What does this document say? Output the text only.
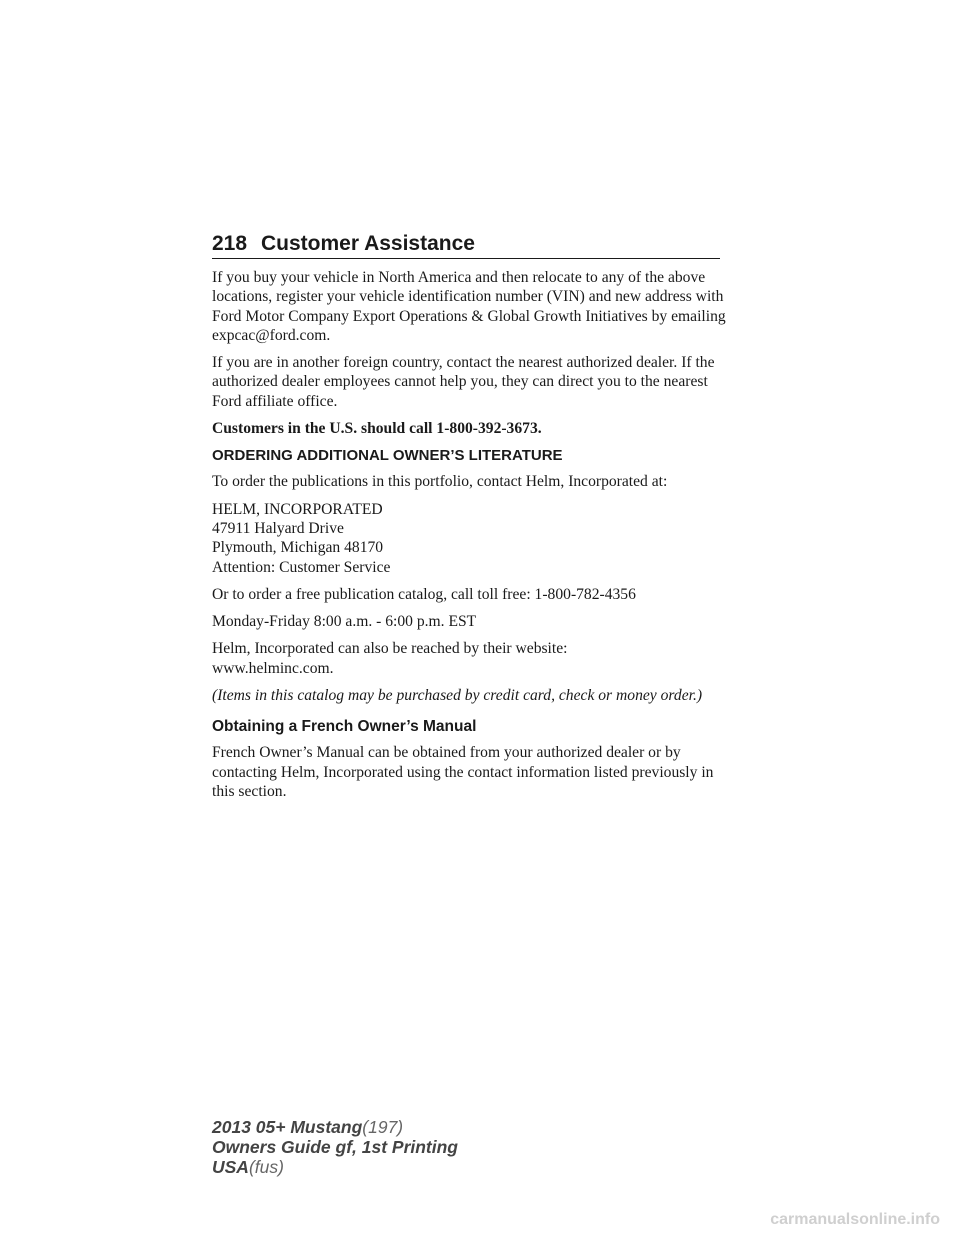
218 Customer Assistance

If you buy your vehicle in North America and then relocate to any of the above locations, register your vehicle identification number (VIN) and new address with Ford Motor Company Export Operations & Global Growth Initiatives by emailing expcac@ford.com.

If you are in another foreign country, contact the nearest authorized dealer. If the authorized dealer employees cannot help you, they can direct you to the nearest Ford affiliate office.

Customers in the U.S. should call 1-800-392-3673.

ORDERING ADDITIONAL OWNER’S LITERATURE

To order the publications in this portfolio, contact Helm, Incorporated at:

HELM, INCORPORATED
47911 Halyard Drive
Plymouth, Michigan 48170
Attention: Customer Service

Or to order a free publication catalog, call toll free: 1-800-782-4356

Monday-Friday 8:00 a.m. - 6:00 p.m. EST

Helm, Incorporated can also be reached by their website:
www.helminc.com.

(Items in this catalog may be purchased by credit card, check or money order.)

Obtaining a French Owner’s Manual

French Owner’s Manual can be obtained from your authorized dealer or by contacting Helm, Incorporated using the contact information listed previously in this section.

2013 05+ Mustang(197)
Owners Guide gf, 1st Printing
USA(fus)
carmanualsonline.info
